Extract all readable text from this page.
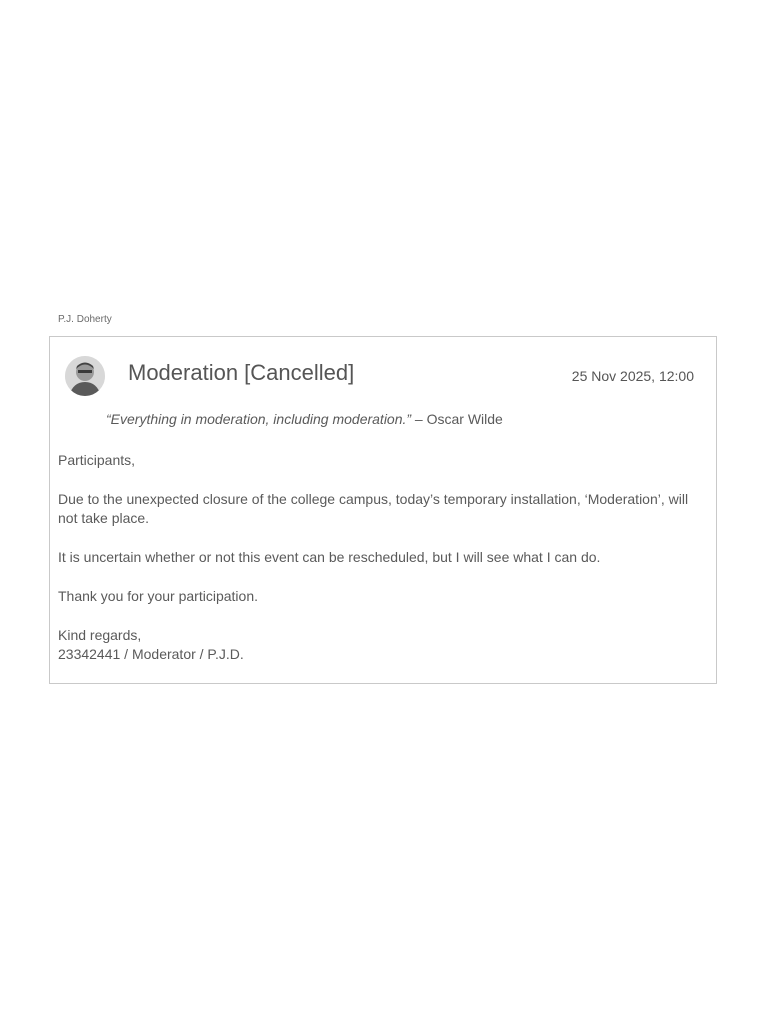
P.J. Doherty
Moderation [Cancelled]	25 Nov 2025, 12:00
“Everything in moderation, including moderation.” – Oscar Wilde

Participants,

Due to the unexpected closure of the college campus, today’s temporary installation, ‘Moderation’, will not take place.

It is uncertain whether or not this event can be rescheduled, but I will see what I can do.

Thank you for your participation.

Kind regards,

23342441 / Moderator / P.J.D.
